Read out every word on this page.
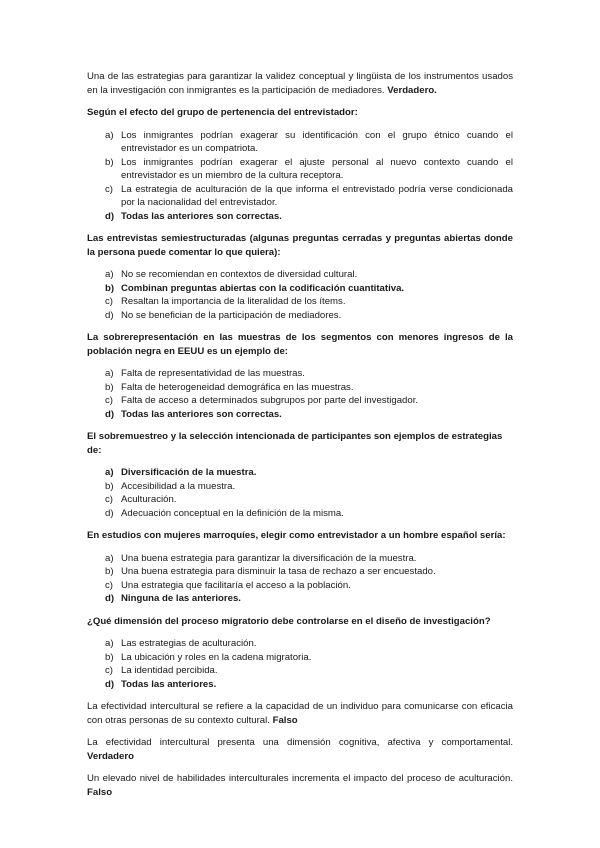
Una de las estrategias para garantizar la validez conceptual y lingüista de los instrumentos usados en la investigación con inmigrantes es la participación de mediadores. Verdadero.

Según el efecto del grupo de pertenencia del entrevistador:

a) Los inmigrantes podrían exagerar su identificación con el grupo étnico cuando el entrevistador es un compatriota.
b) Los inmigrantes podrían exagerar el ajuste personal al nuevo contexto cuando el entrevistador es un miembro de la cultura receptora.
c) La estrategia de aculturación de la que informa el entrevistado podría verse condicionada por la nacionalidad del entrevistador.
d) Todas las anteriores son correctas.

Las entrevistas semiestructuradas (algunas preguntas cerradas y preguntas abiertas donde la persona puede comentar lo que quiera):

a) No se recomiendan en contextos de diversidad cultural.
b) Combinan preguntas abiertas con la codificación cuantitativa.
c) Resaltan la importancia de la literalidad de los ítems.
d) No se benefician de la participación de mediadores.

La sobrerepresentación en las muestras de los segmentos con menores ingresos de la población negra en EEUU es un ejemplo de:

a) Falta de representatividad de las muestras.
b) Falta de heterogeneidad demográfica en las muestras.
c) Falta de acceso a determinados subgrupos por parte del investigador.
d) Todas las anteriores son correctas.

El sobremuestreo y la selección intencionada de participantes son ejemplos de estrategias de:

a) Diversificación de la muestra.
b) Accesibilidad a la muestra.
c) Aculturación.
d) Adecuación conceptual en la definición de la misma.

En estudios con mujeres marroquíes, elegir como entrevistador a un hombre español sería:

a) Una buena estrategia para garantizar la diversificación de la muestra.
b) Una buena estrategia para disminuir la tasa de rechazo a ser encuestado.
c) Una estrategia que facilitaría el acceso a la población.
d) Ninguna de las anteriores.

¿Qué dimensión del proceso migratorio debe controlarse en el diseño de investigación?

a) Las estrategias de aculturación.
b) La ubicación y roles en la cadena migratoria.
c) La identidad percibida.
d) Todas las anteriores.

La efectividad intercultural se refiere a la capacidad de un individuo para comunicarse con eficacia con otras personas de su contexto cultural. Falso

La efectividad intercultural presenta una dimensión cognitiva, afectiva y comportamental. Verdadero

Un elevado nivel de habilidades interculturales incrementa el impacto del proceso de aculturación. Falso
